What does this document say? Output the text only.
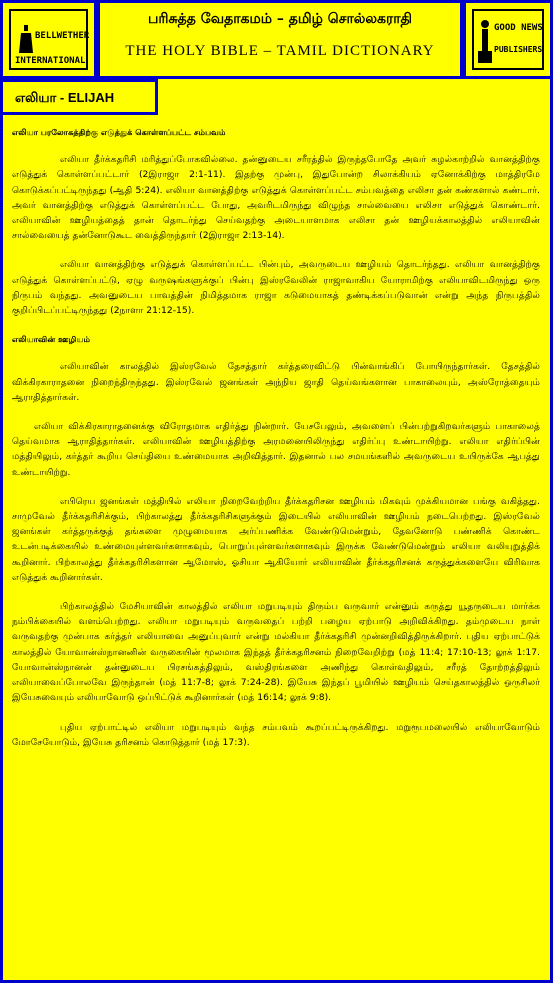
BELLWETHER
INTERNATIONAL
பரிசுத்த வேதாகமம் – தமிழ் சொல்லகராதி
THE HOLY BIBLE – TAMIL DICTIONARY
GOOD NEWS
PUBLISHERS
எலியா - ELIJAH
எலியா பரலோகத்திற்கு எடுத்துக் கொள்ளப்பட்ட சம்பவம்

எலியா தீர்க்கதரிசி மரித்துப்போகவில்லை. தன்னுடைய சரீரத்தில் இருந்தபோதே அவர் சுழல்காற்றில் வானத்திற்கு எடுத்துக் கொள்ளப்பட்டார் (2இராஜா 2:1-11). இதற்கு முன்பு, இதுபோன்ற சிலாக்கியம் ஏனோக்கிற்கு மாத்திரமே கொடுக்கப்பட்டிருந்தது (ஆதி 5:24). எலியா வானத்திற்கு எடுத்துக் கொள்ளப்பட்ட சம்பவத்தை எலிசா தன் கண்களால் கண்டார். அவர் வானத்திற்கு எடுத்துக் கொள்ளப்பட்ட போது, அவரிடமிருந்து விழுந்த சால்வையை எலிசா எடுத்துக் கொண்டார். எலியாவின் ஊழியத்தைத் தான் தொடர்ந்து செய்வதற்கு அடையாளமாக எலிசா தன் ஊழியக்காலத்தில் எலியாவின் சால்வையைத் தன்னோடுகூட வைத்திருந்தார் (2இராஜா 2:13-14).

எலியா வானத்திற்கு எடுத்துக் கொள்ளப்பட்ட பின்பும், அவருடைய ஊழியம் தொடர்ந்தது. எலியா வானத்திற்கு எடுத்துக் கொள்ளப்பட்டு, ஏழு வருஷங்களுக்குப் பின்பு இஸ்ரவேலின் ராஜாவாகிய யோராமிற்கு எலியாவிடமிருந்து ஒரு நிருபம் வந்தது. அவனுடைய பாவத்தின் நிமித்தமாக ராஜா கடுமையாகத் தண்டிக்கப்படுவான் என்று அந்த நிருபத்தில் குறிப்பிடப்பட்டிருந்தது (2நாளா 21:12-15).

எலியாவின் ஊழியம்

எலியாவின் காலத்தில் இஸ்ரவேல் தேசத்தார் கர்த்தரைவிட்டு பின்வாங்கிப் போயிருந்தார்கள். தேசத்தில் விக்கிரகாராதனை நிறைந்திருந்தது. இஸ்ரவேல் ஜனங்கள் அந்நிய ஜாதி தெய்வங்களான பாகாலையும், அஸ்ரோத்தையும் ஆராதித்தார்கள்.

எலியா விக்கிரகாராதனைக்கு விரோதமாக எதிர்த்து நின்றார். யேசபேலும், அவளைப் பின்பற்றுகிறவர்களும் பாகாலைத் தெய்வமாக ஆராதித்தார்கள். எலியாவின் ஊழியத்திற்கு அரமனையிலிருந்து எதிர்ப்பு உண்டாயிற்று. எலியா எதிர்ப்பின் மத்தியிலும், கர்த்தர் கூறிய செய்தியை உண்மையாக அறிவித்தார். இதனால் பல சமயங்களில் அவருடைய உயிருக்கே ஆபத்து உண்டாயிற்று.

எபிரெய ஜனங்கள் மத்தியில் எலியா நிறைவேற்றிய தீர்க்கதரிசன ஊழியம் மிகவும் முக்கியமான பங்கு வகித்தது. சாமுவேல் தீர்க்கதரிசிக்கும், பிற்காலத்து தீர்க்கதரிசிகளுக்கும் இடையில் எலியாவின் ஊழியம் நடைபெற்றது. இஸ்ரவேல் ஜனங்கள் கர்த்தருக்குத் தங்களை முழுமையாக அர்ப்பணிக்க வேண்டுமென்றும், தேவனோடு பண்ணிக் கொண்ட உடன்படிக்கையில் உண்மையுள்ளவர்களாகவும், பொறுப்புள்ளவர்களாகவும் இருக்க வேண்டுமென்றும் எலியா வலியுறுத்திக் கூறினார். பிற்காலத்து தீர்க்கதரிசிகளான ஆமோஸ், ஓசியா ஆகியோர் எலியாவின் தீர்க்கதரிசனக் கருத்துக்களையே விரிவாக எடுத்துக் கூறினார்கள்.

பிற்காலத்தில் மேசியாவின் காலத்தில் எலியா மறுபடியும் திரும்ப வருவார் என்னும் கருத்து யூதருடைய மார்க்க நம்பிக்கையில் வளம்பெற்றது. எலியா மறுபடியும் வருவதைப் பற்றி பழைய ஏற்பாடு அறிவிக்கிறது. தம்முடைய நாள் வருவதற்கு முன்பாக கர்த்தர் எலியாவை அனுப்புவார் என்று மல்கியா தீர்க்கதரிசி முன்னறிவித்திருக்கிறார். புதிய ஏற்பாட்டுக் காலத்தில் யோவான்ஸ்நானனின் வருகையின் மூலமாக இந்தத் தீர்க்கதரிசனம் நிறைவேறிற்று (மத் 11:4; 17:10-13; லூக் 1:17. யோவான்ஸ்நானன் தன்னுடைய பிரசங்கத்திலும், வஸ்திரங்களை அணிந்து கொள்வதிலும், சரீரத் தோற்றத்திலும் எலியாவைப்போலவே இருந்தான் (மத் 11:7-8; லூக் 7:24-28). இயேசு இந்தப் பூமியில் ஊழியம் செய்தகாலத்தில் ஒருசிலர் இயேசுவையும் எலியாவோடு ஒப்பிட்டுக் கூறினார்கள் (மத் 16:14; லூக் 9:8).

புதிய ஏற்பாட்டில் எலியா மறுபடியும் வந்த சம்பவம் கூறப்பட்டிருக்கிறது. மறுரூபமலையில் எலியாவோடும் மோசேயோடும், இயேசு தரிசனம் கொடுத்தார் (மத் 17:3).
